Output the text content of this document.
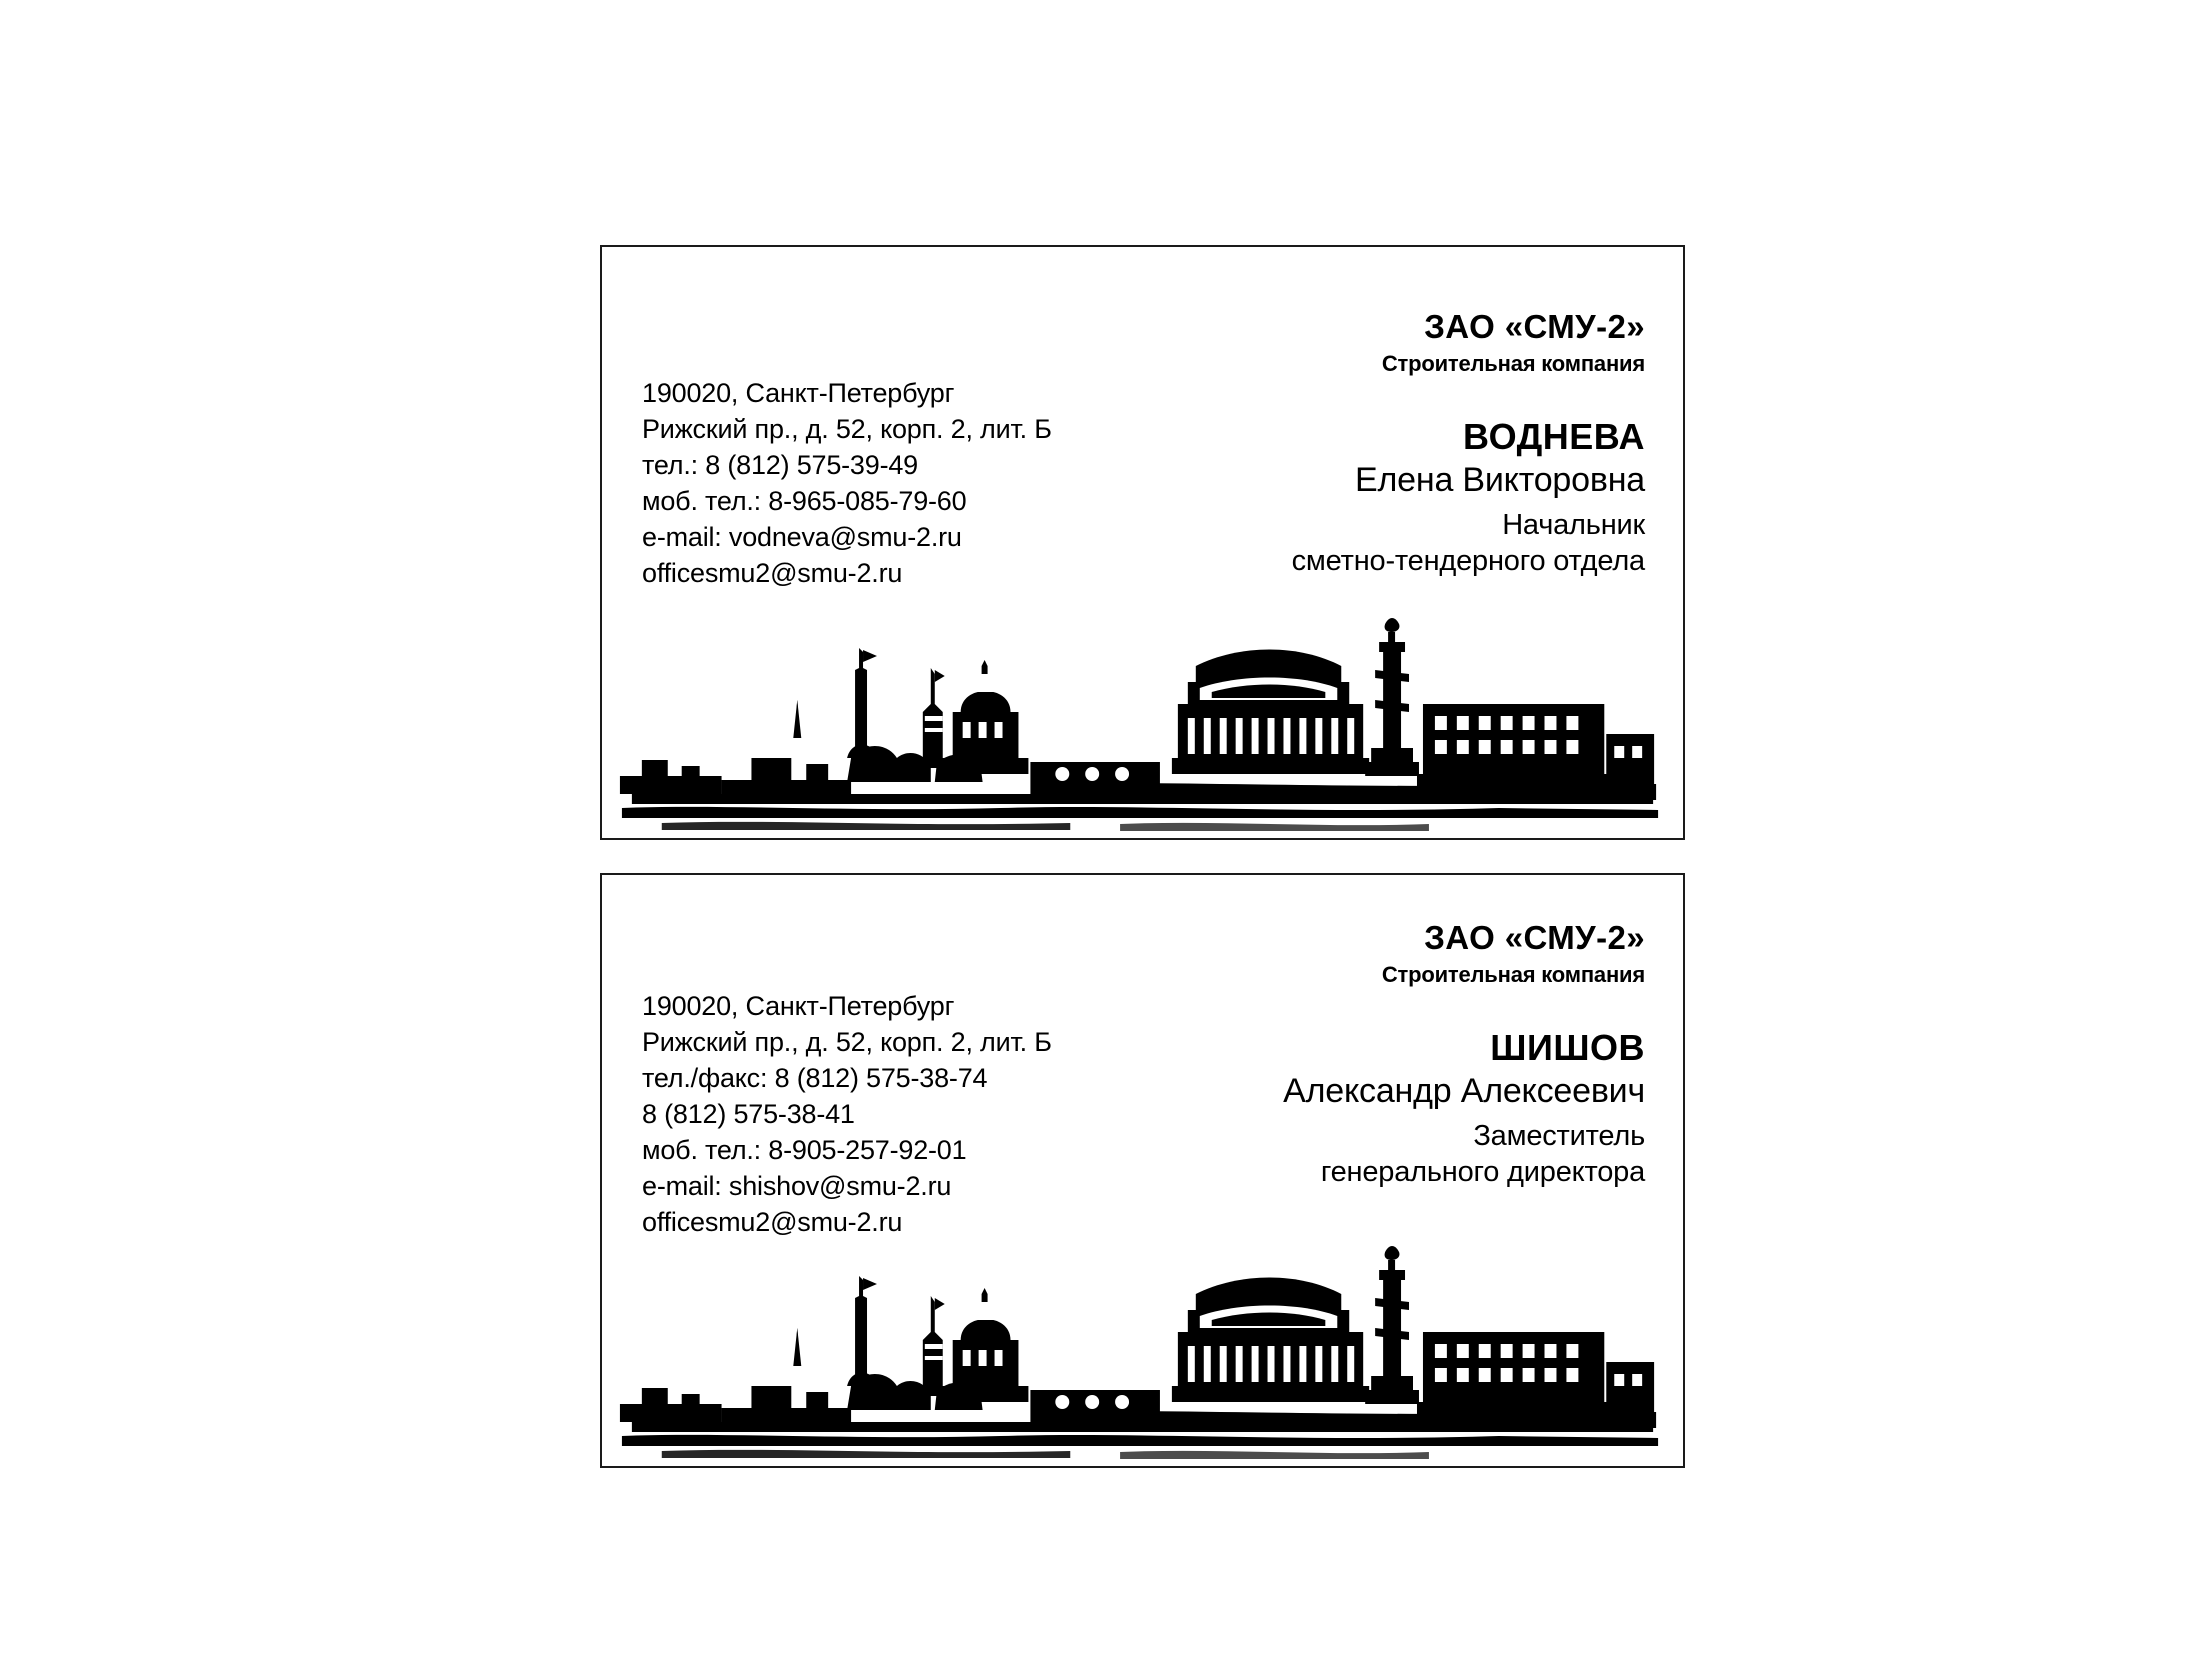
190020, Санкт-Петербург
Рижский пр., д. 52, корп. 2, лит. Б
тел.: 8 (812) 575-39-49
моб. тел.: 8-965-085-79-60
e-mail: vodneva@smu-2.ru
officesmu2@smu-2.ru
ЗАО «СМУ-2»
Строительная компания
ВОДНЕВА
Елена Викторовна
Начальник
сметно-тендерного отдела
190020, Санкт-Петербург
Рижский пр., д. 52, корп. 2, лит. Б
тел./факс: 8 (812) 575-38-74
8 (812) 575-38-41
моб. тел.: 8-905-257-92-01
e-mail: shishov@smu-2.ru
officesmu2@smu-2.ru
ЗАО «СМУ-2»
Строительная компания
ШИШОВ
Александр Алексеевич
Заместитель
генерального директора
